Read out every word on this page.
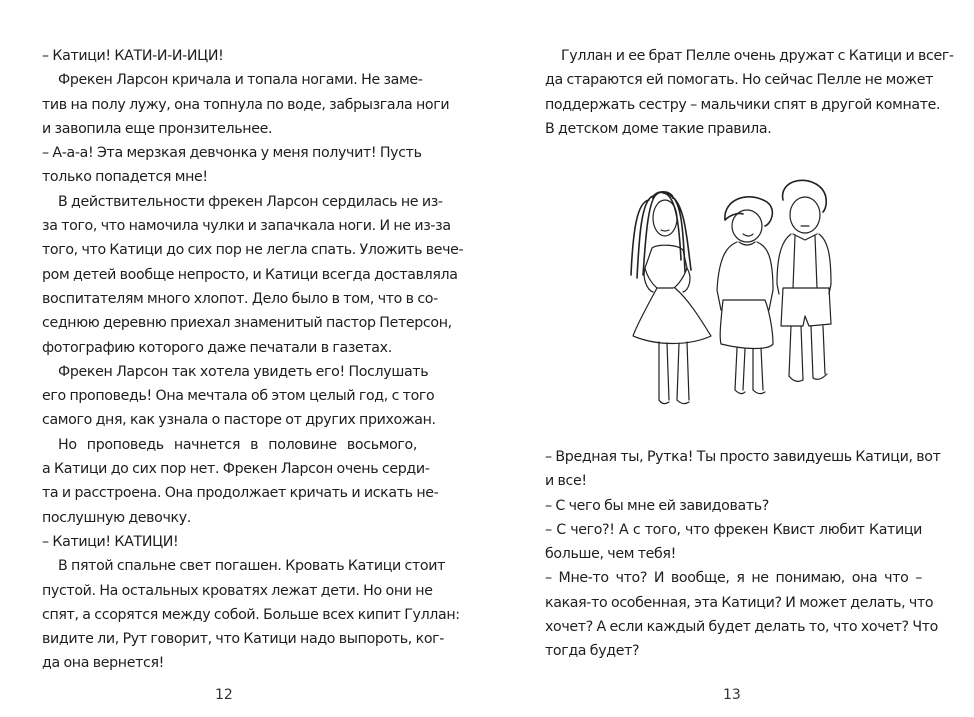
– Катици! КАТИ-И-И-ИЦИ!
Фрекен Ларсон кричала и топала ногами. Не заме-
тив на полу лужу, она топнула по воде, забрызгала ноги
и завопила еще пронзительнее.
– А-а-а! Эта мерзкая девчонка у меня получит! Пусть
только попадется мне!
В действительности фрекен Ларсон сердилась не из-
за того, что намочила чулки и запачкала ноги. И не из-за
того, что Катици до сих пор не легла спать. Уложить вече-
ром детей вообще непросто, и Катици всегда доставляла
воспитателям много хлопот. Дело было в том, что в со-
седнюю деревню приехал знаменитый пастор Петерсон,
фотографию которого даже печатали в газетах.
Фрекен Ларсон так хотела увидеть его! Послушать
его проповедь! Она мечтала об этом целый год, с того
самого дня, как узнала о пасторе от других прихожан.
Но проповедь начнется в половине восьмого,
а Катици до сих пор нет. Фрекен Ларсон очень серди-
та и расстроена. Она продолжает кричать и искать не-
послушную девочку.
– Катици! КАТИЦИ!
В пятой спальне свет погашен. Кровать Катици стоит
пустой. На остальных кроватях лежат дети. Но они не
спят, а ссорятся между собой. Больше всех кипит Гуллан:
видите ли, Рут говорит, что Катици надо выпороть, ког-
да она вернется!
12
Гуллан и ее брат Пелле очень дружат с Катици и всег-
да стараются ей помогать. Но сейчас Пелле не может
поддержать сестру – мальчики спят в другой комнате.
В детском доме такие правила.
– Вредная ты, Рутка! Ты просто завидуешь Катици, вот
и все!
– С чего бы мне ей завидовать?
– С чего?! А с того, что фрекен Квист любит Катици
больше, чем тебя!
– Мне-то что? И вообще, я не понимаю, она что –
какая-то особенная, эта Катици? И может делать, что
хочет? А если каждый будет делать то, что хочет? Что
тогда будет?
13
